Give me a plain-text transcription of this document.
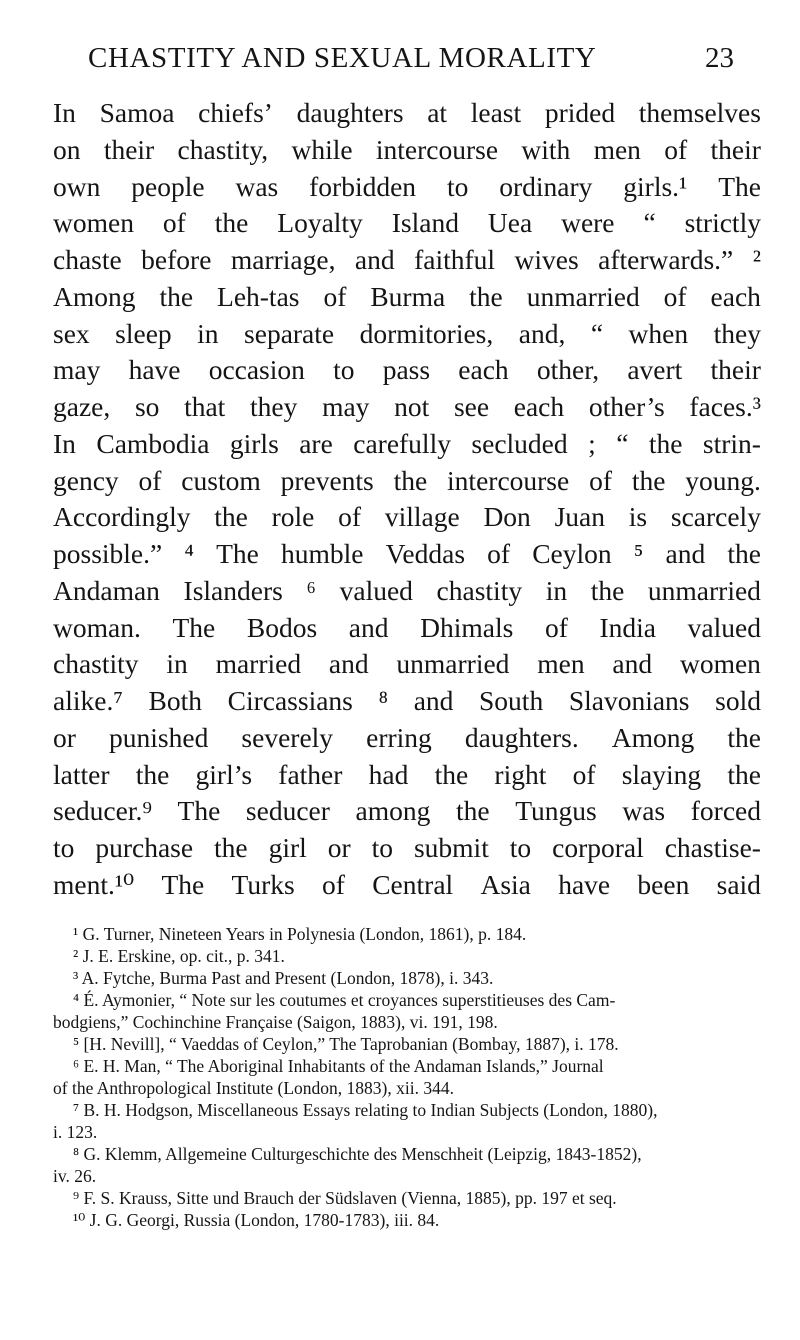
CHASTITY AND SEXUAL MORALITY	23
In Samoa chiefs’ daughters at least prided themselves
on their chastity, while intercourse with men of their
own people was forbidden to ordinary girls.¹ The
women of the Loyalty Island Uea were “ strictly
chaste before marriage, and faithful wives afterwards.” ²
Among the Leh-tas of Burma the unmarried of each
sex sleep in separate dormitories, and, “ when they
may have occasion to pass each other, avert their
gaze, so that they may not see each other’s faces.³
In Cambodia girls are carefully secluded ; “ the strin-
gency of custom prevents the intercourse of the young.
Accordingly the role of village Don Juan is scarcely
possible.” ⁴ The humble Veddas of Ceylon ⁵ and the
Andaman Islanders ⁶ valued chastity in the unmarried
woman. The Bodos and Dhimals of India valued
chastity in married and unmarried men and women
alike.⁷ Both Circassians ⁸ and South Slavonians sold
or punished severely erring daughters. Among the
latter the girl’s father had the right of slaying the
seducer.⁹ The seducer among the Tungus was forced
to purchase the girl or to submit to corporal chastise-
ment.¹⁰ The Turks of Central Asia have been said
¹ G. Turner, Nineteen Years in Polynesia (London, 1861), p. 184.
² J. E. Erskine, op. cit., p. 341.
³ A. Fytche, Burma Past and Present (London, 1878), i. 343.
⁴ É. Aymonier, “ Note sur les coutumes et croyances superstitieuses des Cam-
bodgiens,” Cochinchine Française (Saigon, 1883), vi. 191, 198.
⁵ [H. Nevill], “ Vaeddas of Ceylon,” The Taprobanian (Bombay, 1887), i. 178.
⁶ E. H. Man, “ The Aboriginal Inhabitants of the Andaman Islands,” Journal
of the Anthropological Institute (London, 1883), xii. 344.
⁷ B. H. Hodgson, Miscellaneous Essays relating to Indian Subjects (London, 1880),
i. 123.
⁸ G. Klemm, Allgemeine Culturgeschichte des Menschheit (Leipzig, 1843-1852),
iv. 26.
⁹ F. S. Krauss, Sitte und Brauch der Südslaven (Vienna, 1885), pp. 197 et seq.
¹⁰ J. G. Georgi, Russia (London, 1780-1783), iii. 84.
